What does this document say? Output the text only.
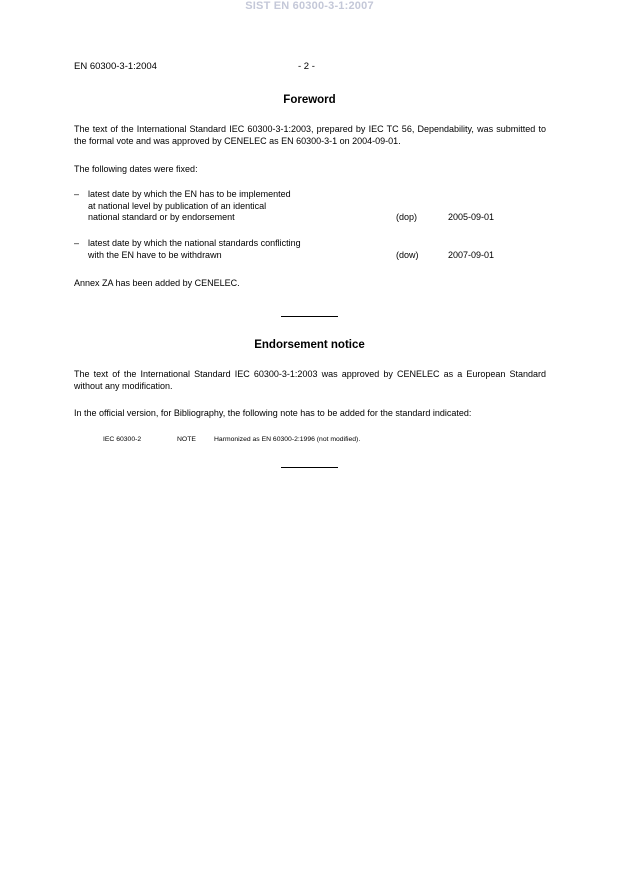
SIST EN 60300-3-1:2007
EN 60300-3-1:2004	- 2 -
Foreword
The text of the International Standard IEC 60300-3-1:2003, prepared by IEC TC 56, Dependability, was submitted to the formal vote and was approved by CENELEC as EN 60300-3-1 on 2004-09-01.
The following dates were fixed:
– latest date by which the EN has to be implemented
at national level by publication of an identical
national standard or by endorsement	(dop)	2005-09-01
– latest date by which the national standards conflicting
with the EN have to be withdrawn	(dow)	2007-09-01
Annex ZA has been added by CENELEC.
Endorsement notice
The text of the International Standard IEC 60300-3-1:2003 was approved by CENELEC as a European Standard without any modification.
In the official version, for Bibliography, the following note has to be added for the standard indicated:
IEC 60300-2	NOTE	Harmonized as EN 60300-2:1996 (not modified).
